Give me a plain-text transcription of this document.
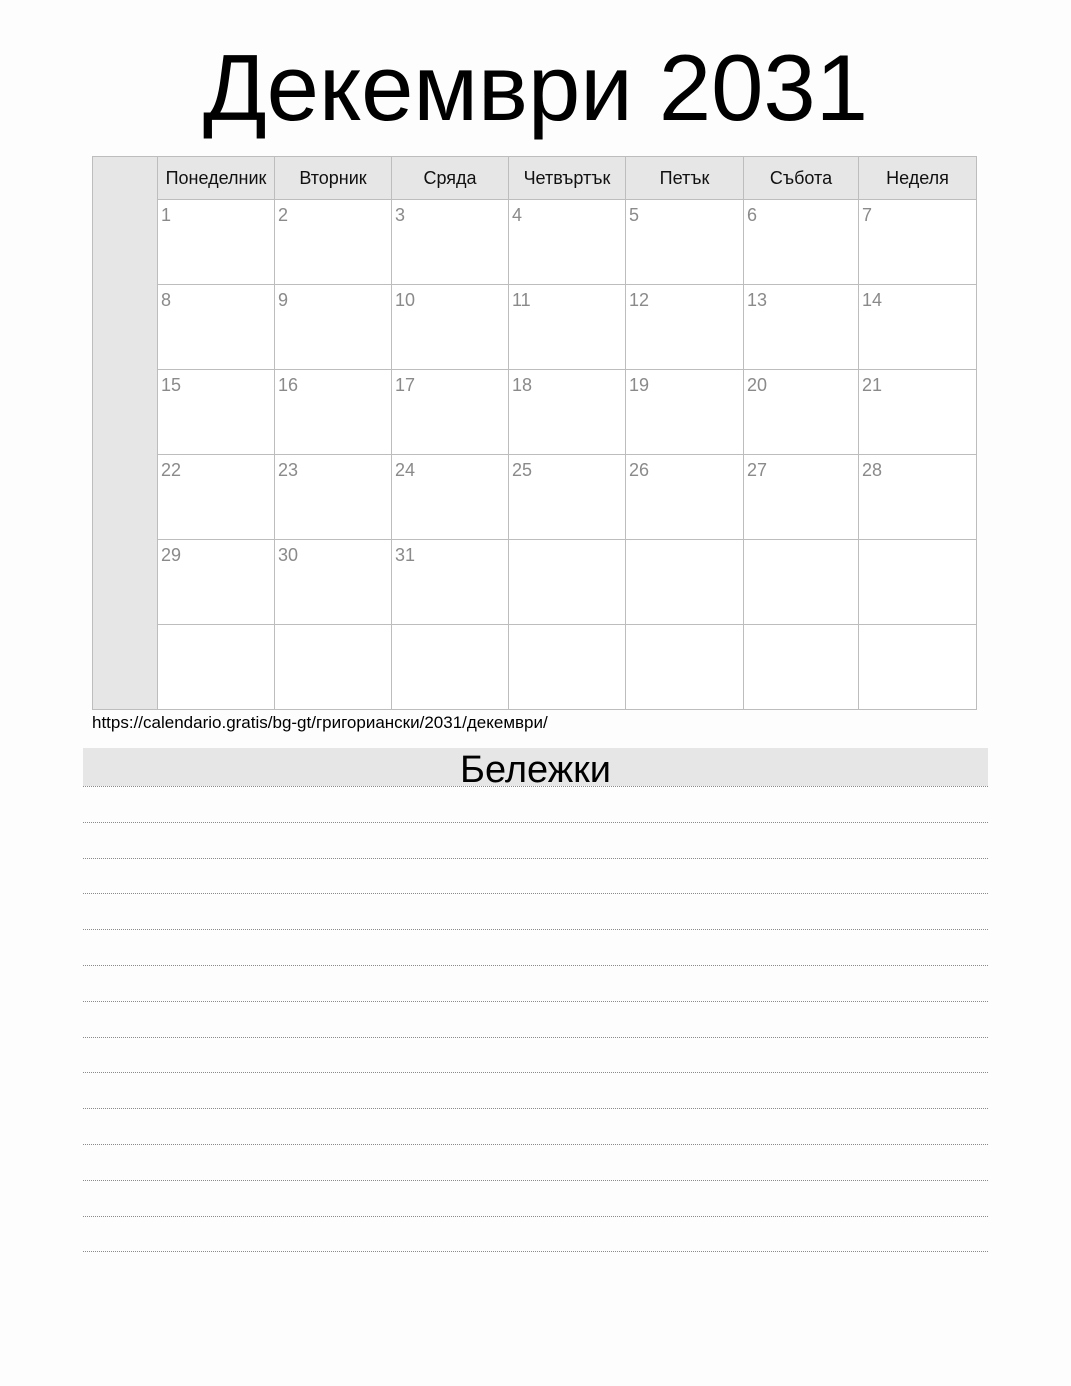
Декември 2031
Понеделник	Вторник	Сряда	Четвъртък	Петък	Събота	Неделя
1	2	3	4	5	6	7
8	9	10	11	12	13	14
15	16	17	18	19	20	21
22	23	24	25	26	27	28
29	30	31
https://calendario.gratis/bg-gt/григориански/2031/декември/
Бележки
